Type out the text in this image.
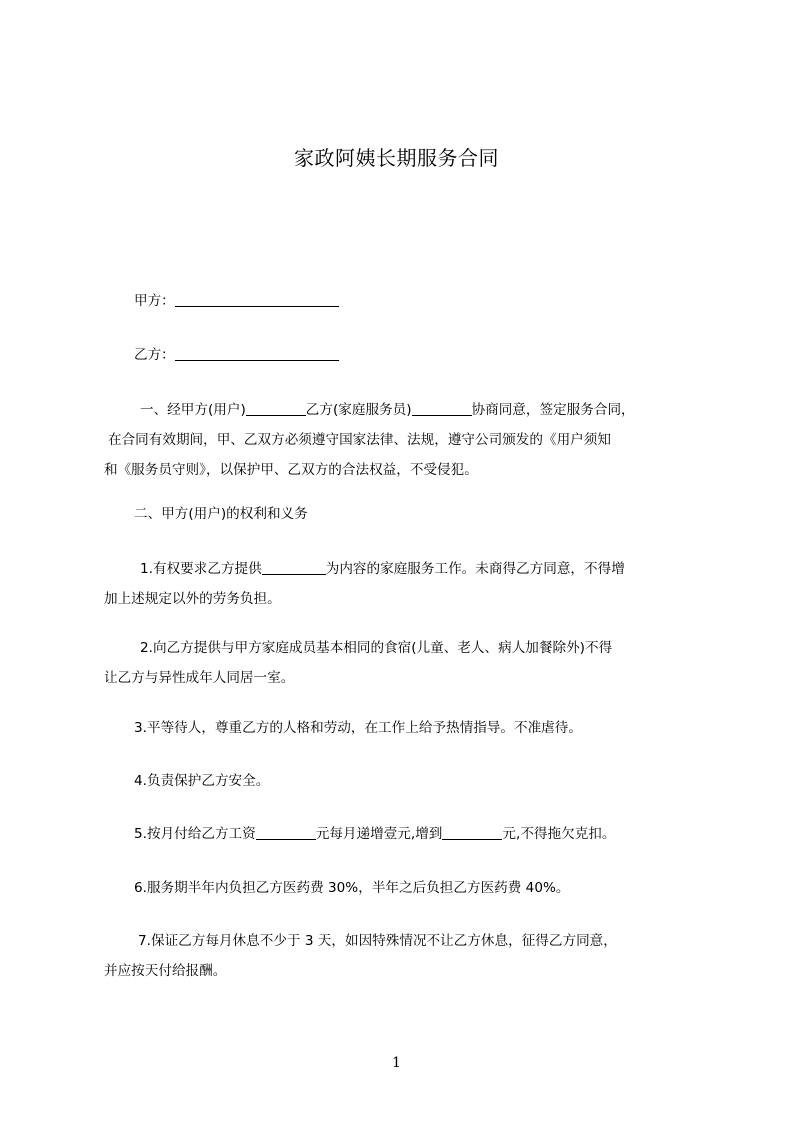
家政阿姨长期服务合同
甲方：
乙方：
一、经甲方(用户)	乙方(家庭服务员)	协商同意，签定服务合同，
在合同有效期间，甲、乙双方必须遵守国家法律、法规，遵守公司颁发的《用户须知
和《服务员守则》，以保护甲、乙双方的合法权益，不受侵犯。
二、甲方(用户)的权利和义务
1.有权要求乙方提供	为内容的家庭服务工作。未商得乙方同意，不得增
加上述规定以外的劳务负担。
2.向乙方提供与甲方家庭成员基本相同的食宿(儿童、老人、病人加餐除外)不得
让乙方与异性成年人同居一室。
3.平等待人，尊重乙方的人格和劳动，在工作上给予热情指导。不准虐待。
4.负责保护乙方安全。
5.按月付给乙方工资	元每月递增壹元,增到	元,不得拖欠克扣。
6.服务期半年内负担乙方医药费 30%，半年之后负担乙方医药费 40%。
7.保证乙方每月休息不少于 3 天，如因特殊情况不让乙方休息，征得乙方同意，
并应按天付给报酬。
1
